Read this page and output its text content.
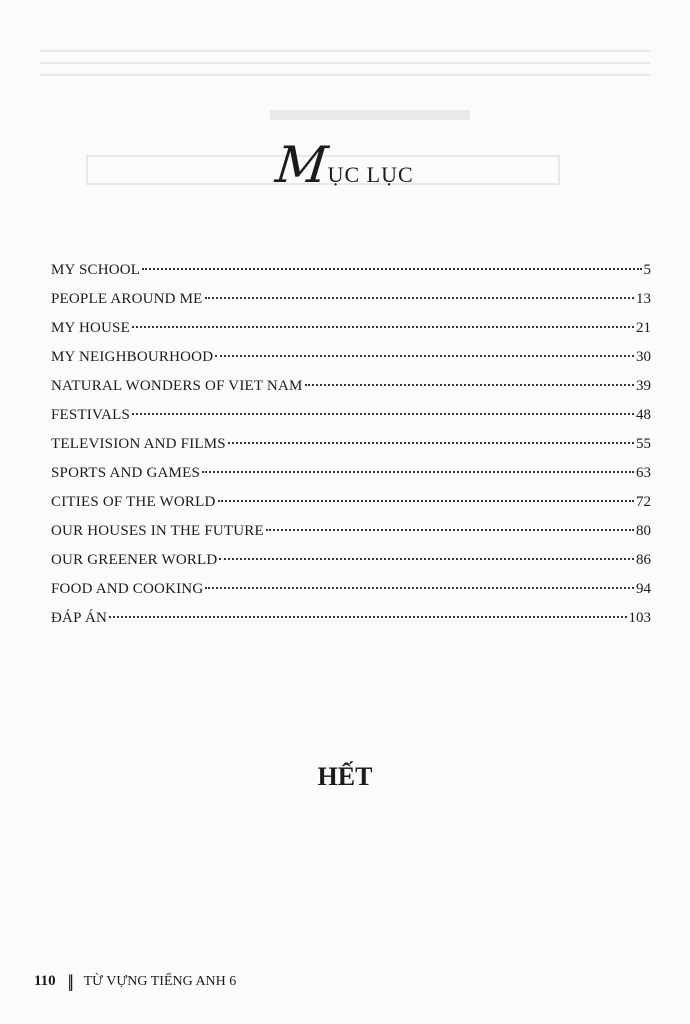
MỤC LỤC
MY SCHOOL	5
PEOPLE AROUND ME	13
MY HOUSE	21
MY NEIGHBOURHOOD	30
NATURAL WONDERS OF VIET NAM	39
FESTIVALS	48
TELEVISION AND FILMS	55
SPORTS AND GAMES	63
CITIES OF THE WORLD	72
OUR HOUSES IN THE FUTURE	80
OUR GREENER WORLD	86
FOOD AND COOKING	94
ĐÁP ÁN	103
HẾT
110 || TỪ VỰNG TIẾNG ANH 6
